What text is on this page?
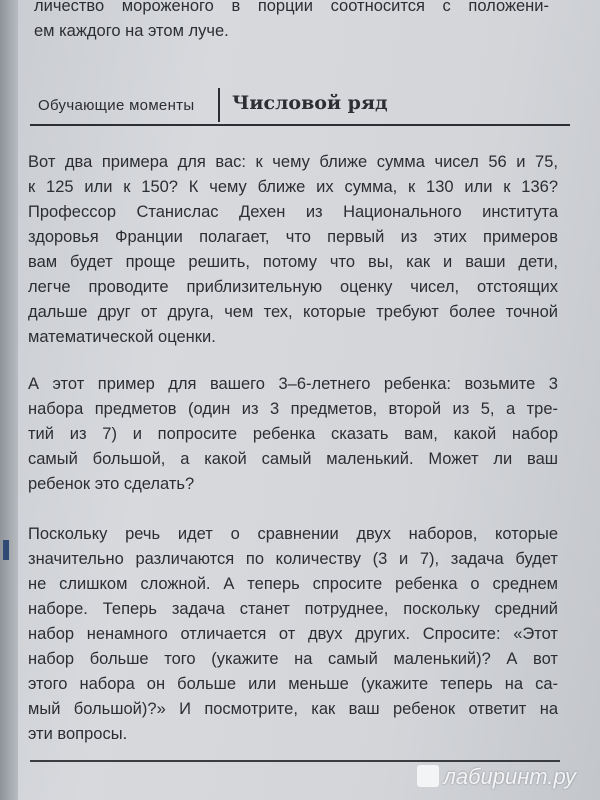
личество мороженого в порции соотносится с положени-
ем каждого на этом луче.
Обучающие моменты Числовой ряд
Вот два примера для вас: к чему ближе сумма чисел 56 и 75,
к 125 или к 150? К чему ближе их сумма, к 130 или к 136?
Профессор Станислас Дехен из Национального института
здоровья Франции полагает, что первый из этих примеров
вам будет проще решить, потому что вы, как и ваши дети,
легче проводите приблизительную оценку чисел, отстоящих
дальше друг от друга, чем тех, которые требуют более точной
математической оценки.
А этот пример для вашего 3–6-летнего ребенка: возьмите 3
набора предметов (один из 3 предметов, второй из 5, а тре-
тий из 7) и попросите ребенка сказать вам, какой набор
самый большой, а какой самый маленький. Может ли ваш
ребенок это сделать?
Поскольку речь идет о сравнении двух наборов, которые
значительно различаются по количеству (3 и 7), задача будет
не слишком сложной. А теперь спросите ребенка о среднем
наборе. Теперь задача станет потруднее, поскольку средний
набор ненамного отличается от двух других. Спросите: «Этот
набор больше того (укажите на самый маленький)? А вот
этого набора он больше или меньше (укажите теперь на са-
мый большой)?» И посмотрите, как ваш ребенок ответит на
эти вопросы.
лабиринт.ру
